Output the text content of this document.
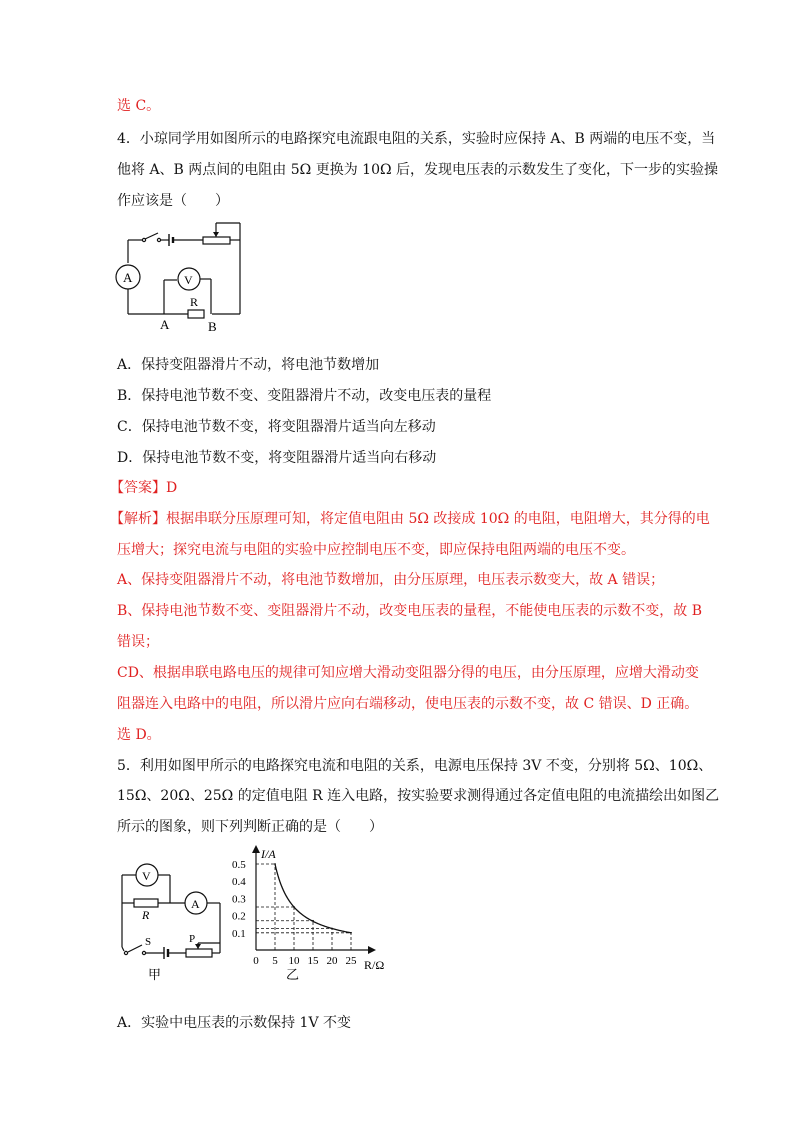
选 C。
4．小琼同学用如图所示的电路探究电流跟电阻的关系，实验时应保持 A、B 两端的电压不变，当
他将 A、B 两点间的电阻由 5Ω 更换为 10Ω 后，发现电压表的示数发生了变化，下一步的实验操
作应该是（　　）
A	V
R
A	B
A．保持变阻器滑片不动，将电池节数增加
B．保持电池节数不变、变阻器滑片不动，改变电压表的量程
C．保持电池节数不变，将变阻器滑片适当向左移动
D．保持电池节数不变，将变阻器滑片适当向右移动
【答案】D
【解析】根据串联分压原理可知，将定值电阻由 5Ω 改接成 10Ω 的电阻，电阻增大，其分得的电
压增大；探究电流与电阻的实验中应控制电压不变，即应保持电阻两端的电压不变。
A、保持变阻器滑片不动，将电池节数增加，由分压原理，电压表示数变大，故 A 错误；
B、保持电池节数不变、变阻器滑片不动，改变电压表的量程，不能使电压表的示数不变，故 B
错误；
CD、根据串联电路电压的规律可知应增大滑动变阻器分得的电压，由分压原理，应增大滑动变
阻器连入电路中的电阻，所以滑片应向右端移动，使电压表的示数不变，故 C 错误、D 正确。
选 D。
5．利用如图甲所示的电路探究电流和电阻的关系，电源电压保持 3V 不变，分别将 5Ω、10Ω、
15Ω、20Ω、25Ω 的定值电阻 R 连入电路，按实验要求测得通过各定值电阻的电流描绘出如图乙
所示的图象，则下列判断正确的是（　　）
V
A
R
S	P
甲
0.1
0.2
0.3
0.4
0.5
0 5 10 15 20 25
I/A
R/Ω
乙
A．实验中电压表的示数保持 1V 不变
